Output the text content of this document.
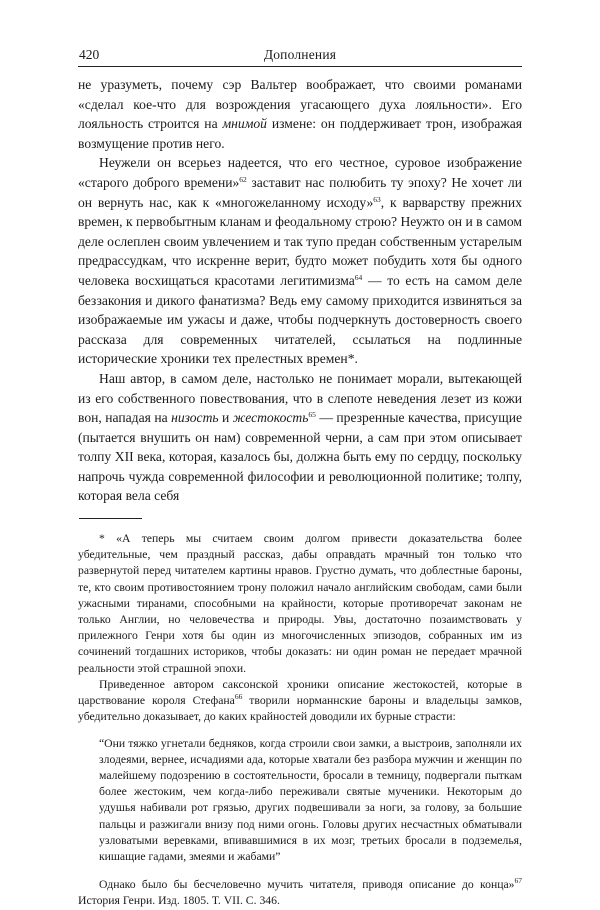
420	Дополнения

не уразуметь, почему сэр Вальтер воображает, что своими романами «сделал кое-что для возрождения угасающего духа лояльности». Его лояльность строится на мнимой измене: он поддерживает трон, изображая возмущение против него.

Неужели он всерьез надеется, что его честное, суровое изображение «старого доброго времени»$^{62}$ заставит нас полюбить ту эпоху? Не хочет ли он вернуть нас, как к «многожеланному исходу»$^{63}$, к варварству прежних времен, к первобытным кланам и феодальному строю? Неужто он и в самом деле ослеплен своим увлечением и так тупо предан собственным устарелым предрассудкам, что искренне верит, будто может побудить хотя бы одного человека восхищаться красотами легитимизма$^{64}$ — то есть на самом деле беззакония и дикого фанатизма? Ведь ему самому приходится извиняться за изображаемые им ужасы и даже, чтобы подчеркнуть достоверность своего рассказа для современных читателей, ссылаться на подлинные исторические хроники тех прелестных времен*.

Наш автор, в самом деле, настолько не понимает морали, вытекающей из его собственного повествования, что в слепоте неведения лезет из кожи вон, нападая на низость и жестокость$^{65}$ — презренные качества, присущие (пытается внушить он нам) современной черни, а сам при этом описывает толпу XII века, которая, казалось бы, должна быть ему по сердцу, поскольку напрочь чужда современной философии и революционной политике; толпу, которая вела себя

* «А теперь мы считаем своим долгом привести доказательства более убедительные, чем праздный рассказ, дабы оправдать мрачный тон только что развернутой перед читателем картины нравов. Грустно думать, что доблестные бароны, те, кто своим противостоянием трону положил начало английским свободам, сами были ужасными тиранами, способными на крайности, которые противоречат законам не только Англии, но человечества и природы. Увы, достаточно позаимствовать у прилежного Генри хотя бы один из многочисленных эпизодов, собранных им из сочинений тогдашних историков, чтобы доказать: ни один роман не передает мрачной реальности этой страшной эпохи.

Приведенное автором саксонской хроники описание жестокостей, которые в царствование короля Стефана$^{66}$ творили норманнские бароны и владельцы замков, убедительно доказывает, до каких крайностей доводили их бурные страсти:

“Они тяжко угнетали бедняков, когда строили свои замки, а выстроив, заполняли их злодеями, вернее, исчадиями ада, которые хватали без разбора мужчин и женщин по малейшему подозрению в состоятельности, бросали в темницу, подвергали пыткам более жестоким, чем когда-либо переживали святые мученики. Некоторым до удушья набивали рот грязью, других подвешивали за ноги, за голову, за большие пальцы и разжигали внизу под ними огонь. Головы других несчастных обматывали узловатыми веревками, впивавшимися в их мозг, третьих бросали в подземелья, кишащие гадами, змеями и жабами”

Однако было бы бесчеловечно мучить читателя, приводя описание до конца»$^{67}$ История Генри. Изд. 1805. Т. VII. С. 346.
